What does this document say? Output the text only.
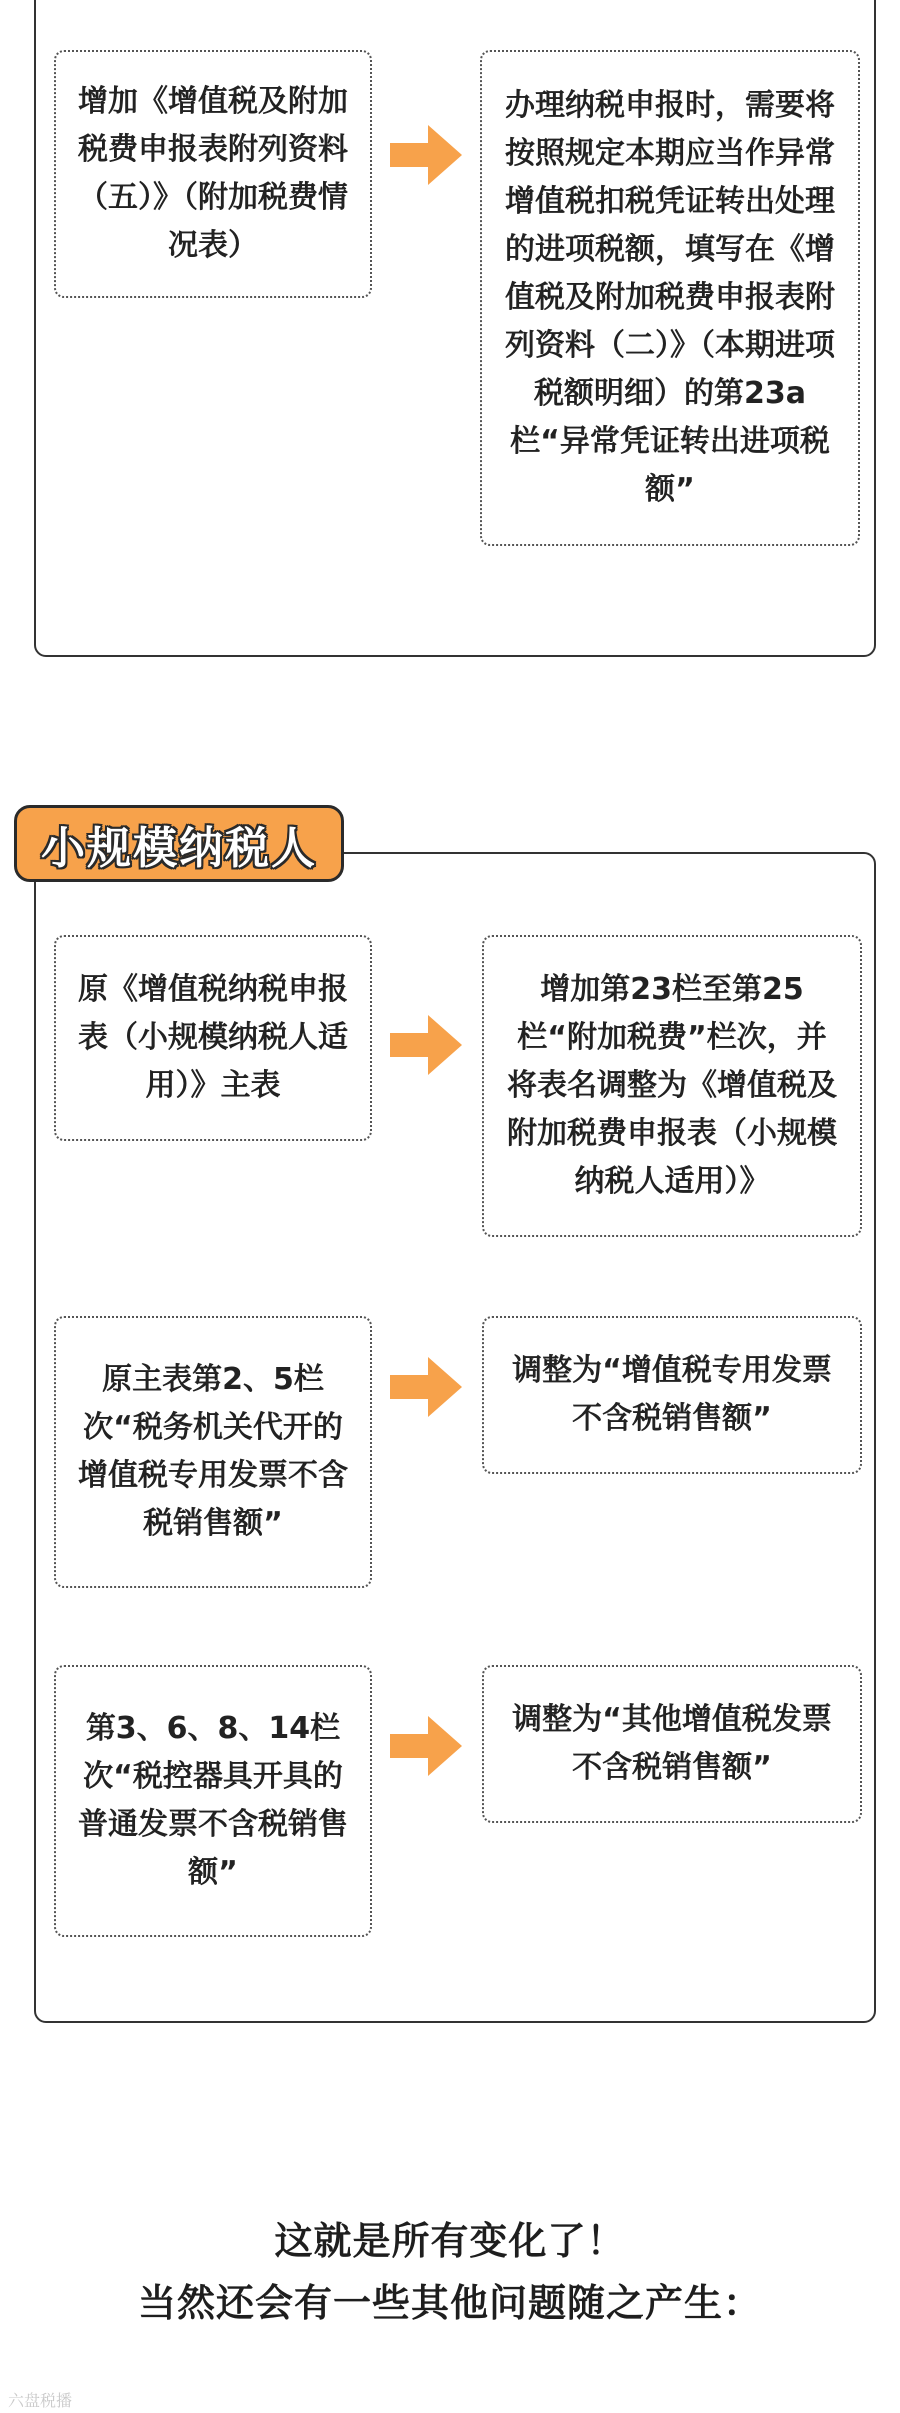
增加《增值税及附加税费申报表附列资料（五）》（附加税费情况表）

办理纳税申报时，需要将按照规定本期应当作异常增值税扣税凭证转出处理的进项税额，填写在《增值税及附加税费申报表附列资料（二）》（本期进项税额明细）的第23a栏“异常凭证转出进项税额”

小规模纳税人

原《增值税纳税申报表（小规模纳税人适用）》主表

增加第23栏至第25栏“附加税费”栏次，并将表名调整为《增值税及附加税费申报表（小规模纳税人适用）》

原主表第2、5栏次“税务机关代开的增值税专用发票不含税销售额”

调整为“增值税专用发票不含税销售额”

第3、6、8、14栏次“税控器具开具的普通发票不含税销售额”

调整为“其他增值税发票不含税销售额”

这就是所有变化了！
当然还会有一些其他问题随之产生：
六盘税播
